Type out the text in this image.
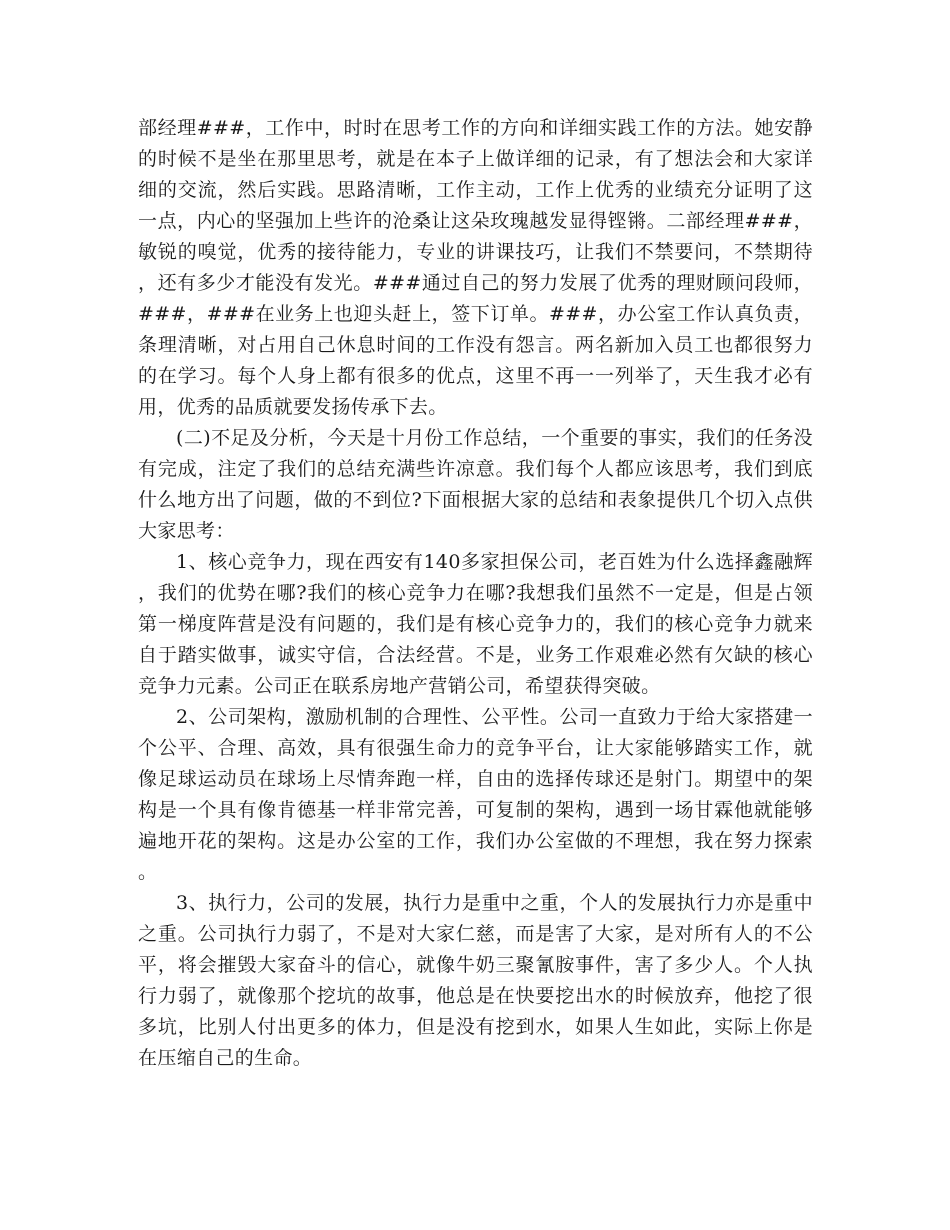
部经理###，工作中，时时在思考工作的方向和详细实践工作的方法。她安静的时候不是坐在那里思考，就是在本子上做详细的记录，有了想法会和大家详细的交流，然后实践。思路清晰，工作主动，工作上优秀的业绩充分证明了这一点，内心的坚强加上些许的沧桑让这朵玫瑰越发显得铿锵。二部经理###，敏锐的嗅觉，优秀的接待能力，专业的讲课技巧，让我们不禁要问，不禁期待，还有多少才能没有发光。###通过自己的努力发展了优秀的理财顾问段师，###，###在业务上也迎头赶上，签下订单。###，办公室工作认真负责，条理清晰，对占用自己休息时间的工作没有怨言。两名新加入员工也都很努力的在学习。每个人身上都有很多的优点，这里不再一一列举了，天生我才必有用，优秀的品质就要发扬传承下去。

(二)不足及分析，今天是十月份工作总结，一个重要的事实，我们的任务没有完成，注定了我们的总结充满些许凉意。我们每个人都应该思考，我们到底什么地方出了问题，做的不到位?下面根据大家的总结和表象提供几个切入点供大家思考：

1、核心竞争力，现在西安有140多家担保公司，老百姓为什么选择鑫融辉，我们的优势在哪?我们的核心竞争力在哪?我想我们虽然不一定是，但是占领第一梯度阵营是没有问题的，我们是有核心竞争力的，我们的核心竞争力就来自于踏实做事，诚实守信，合法经营。不是，业务工作艰难必然有欠缺的核心竞争力元素。公司正在联系房地产营销公司，希望获得突破。

2、公司架构，激励机制的合理性、公平性。公司一直致力于给大家搭建一个公平、合理、高效，具有很强生命力的竞争平台，让大家能够踏实工作，就像足球运动员在球场上尽情奔跑一样，自由的选择传球还是射门。期望中的架构是一个具有像肯德基一样非常完善，可复制的架构，遇到一场甘霖他就能够遍地开花的架构。这是办公室的工作，我们办公室做的不理想，我在努力探索。

3、执行力，公司的发展，执行力是重中之重，个人的发展执行力亦是重中之重。公司执行力弱了，不是对大家仁慈，而是害了大家，是对所有人的不公平，将会摧毁大家奋斗的信心，就像牛奶三聚氰胺事件，害了多少人。个人执行力弱了，就像那个挖坑的故事，他总是在快要挖出水的时候放弃，他挖了很多坑，比别人付出更多的体力，但是没有挖到水，如果人生如此，实际上你是在压缩自己的生命。
